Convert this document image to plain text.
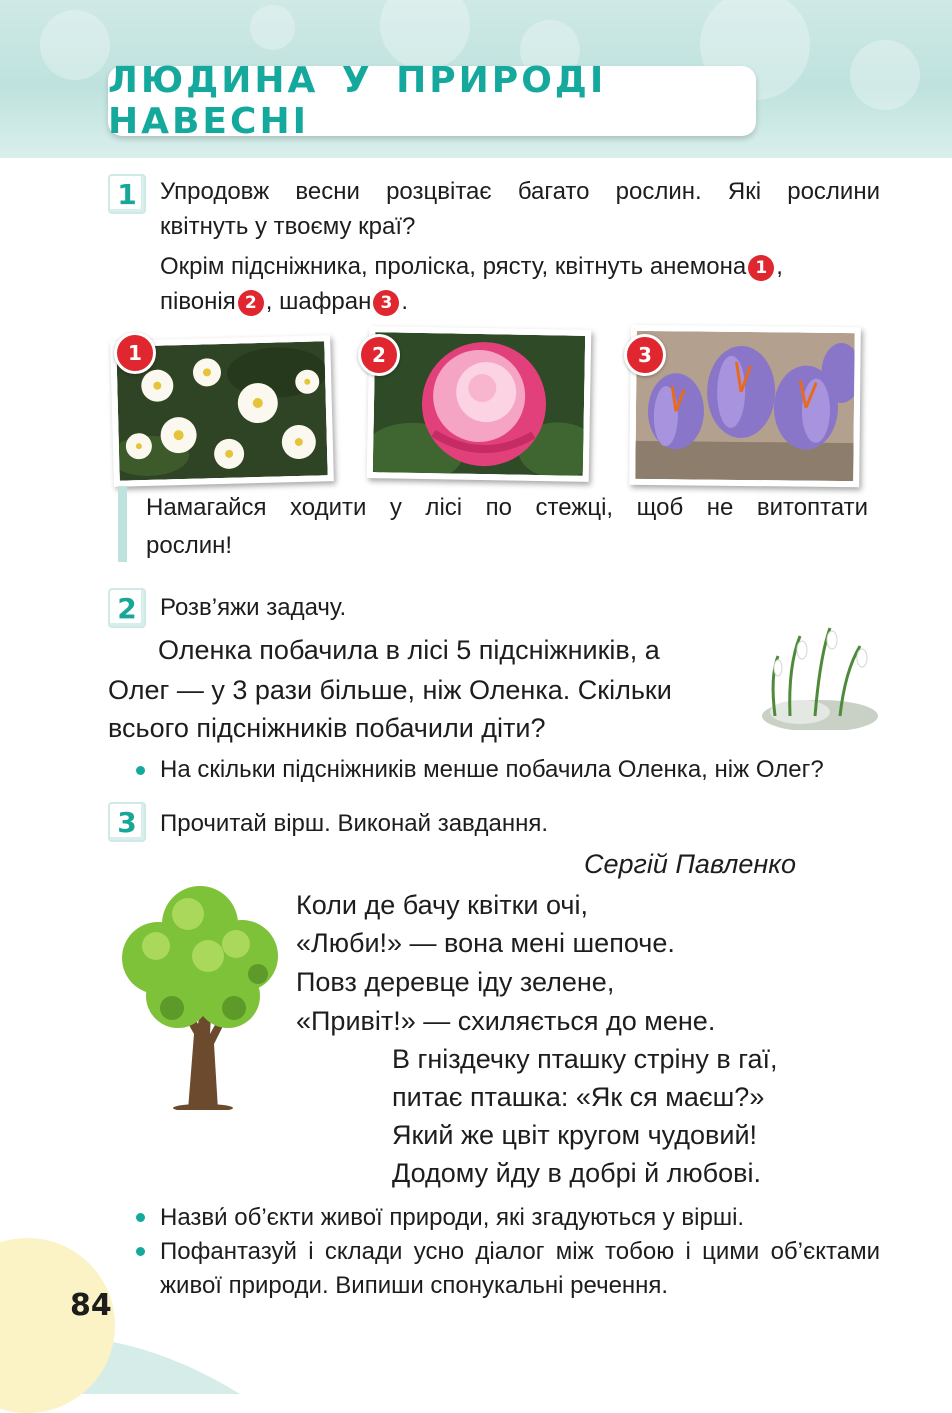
ЛЮДИНА У ПРИРОДІ НАВЕСНІ
1 Упродовж весни розцвітає багато рослин. Які рослини
квітнуть у твоєму краї?
Окрім підсніжника, проліска, рясту, квітнуть анемона 1 ,
півонія 2 , шафран 3 .
1	2	3
Намагайся ходити у лісі по стежці, щоб не витоптати
рослин!
2 Розв’яжи задачу.
Оленка побачила в лісі 5 підсніжників, а
Олег — у 3 рази більше, ніж Оленка. Скільки
всього підсніжників побачили діти?
На скільки підсніжників менше побачила Оленка, ніж Олег?
3 Прочитай вірш. Виконай завдання.
Сергій Павленко
Коли де бачу квітки очі,
«Люби!» — вона мені шепоче.
Повз деревце іду зелене,
«Привіт!» — схиляється до мене.
В гніздечку пташку стріну в гаї,
питає пташка: «Як ся маєш?»
Який же цвіт кругом чудовий!
Додому йду в добрі й любові.
Назви́ об’єкти живої природи, які згадуються у вірші.
Пофантазуй і склади усно діалог між тобою і цими об’єктами
живої природи. Випиши спонукальні речення.
84
